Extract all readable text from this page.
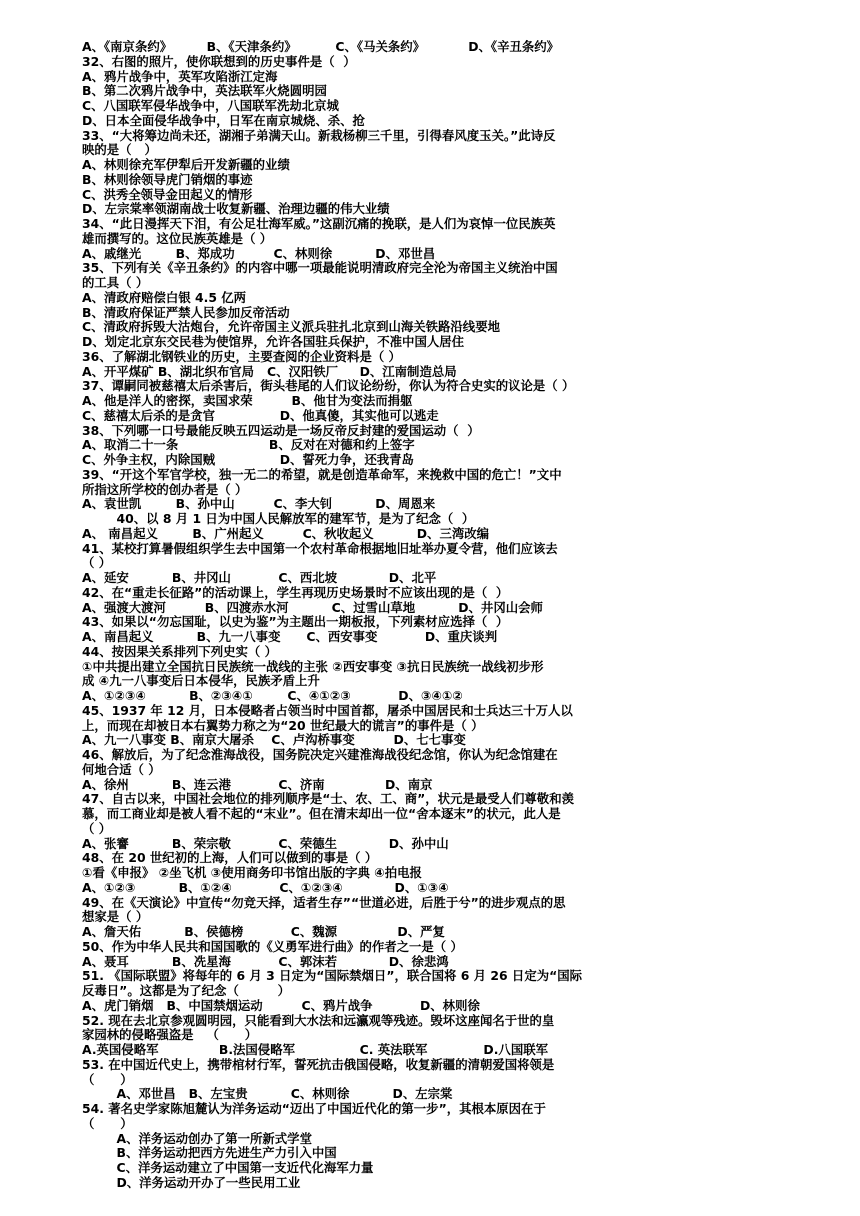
A、《南京条约》        B、《天津条约》         C、《马关条约》          D、《辛丑条约》
32、右图的照片，使你联想到的历史事件是（  ）
A、鸦片战争中，英军攻陷浙江定海
B、第二次鸦片战争中，英法联军火烧圆明园
C、八国联军侵华战争中，八国联军洗劫北京城
D、日本全面侵华战争中，日军在南京城烧、杀、抢
33、“大将筹边尚未还，湖湘子弟满天山。新栽杨柳三千里，引得春风度玉关。”此诗反
映的是（   ）
A、林则徐充军伊犁后开发新疆的业绩
B、林则徐领导虎门销烟的事迹
C、洪秀全领导金田起义的情形
D、左宗棠率领湖南战士收复新疆、治理边疆的伟大业绩
34、“此日漫挥天下泪，有公足壮海军威。”这副沉痛的挽联，是人们为哀悼一位民族英
雄而撰写的。这位民族英雄是（ ）
A、戚继光        B、郑成功         C、林则徐          D、邓世昌
35、下列有关《辛丑条约》的内容中哪一项最能说明清政府完全沦为帝国主义统治中国
的工具（ ）
A、清政府赔偿白银 4.5 亿两
B、清政府保证严禁人民参加反帝活动
C、清政府拆毁大沽炮台，允许帝国主义派兵驻扎北京到山海关铁路沿线要地
D、划定北京东交民巷为使馆界，允许各国驻兵保护，不准中国人居住
36、了解湖北钢铁业的历史，主要查阅的企业资料是（ ）
A、开平煤矿 B、湖北织布官局   C、汉阳铁厂     D、江南制造总局
37、谭嗣同被慈禧太后杀害后，街头巷尾的人们议论纷纷，你认为符合史实的议论是（ ）
A、他是洋人的密探，卖国求荣         B、他甘为变法而捐躯
C、慈禧太后杀的是贪官               D、他真傻，其实他可以逃走
38、下列哪一口号最能反映五四运动是一场反帝反封建的爱国运动（  ）
A、取消二十一条                     B、反对在对德和约上签字
C、外争主权，内除国贼               D、誓死力争，还我青岛
39、“开这个军官学校，独一无二的希望，就是创造革命军，来挽救中国的危亡！”文中
所指这所学校的创办者是（ ）
A、袁世凯        B、孙中山         C、李大钊          D、周恩来
40、以 8 月 1 日为中国人民解放军的建军节，是为了纪念（  ）
A、 南昌起义        B、广州起义         C、秋收起义          D、三湾改编
41、某校打算暑假组织学生去中国第一个农村革命根据地旧址举办夏令营，他们应该去
（ ）
A、延安          B、井冈山           C、西北坡            D、北平
42、在“重走长征路”的活动课上，学生再现历史场景时不应该出现的是（  ）
A、强渡大渡河         B、四渡赤水河          C、过雪山草地          D、井冈山会师
43、如果以“勿忘国耻，以史为鉴”为主题出一期板报，下列素材应选择（  ）
A、南昌起义          B、九一八事变      C、西安事变           D、重庆谈判
44、按因果关系排列下列史实（ ）
①中共提出建立全国抗日民族统一战线的主张 ②西安事变 ③抗日民族统一战线初步形
成 ④九一八事变后日本侵华，民族矛盾上升
A、①②③④          B、②③④①        C、④①②③           D、③④①②
45、1937 年 12 月，日本侵略者占领当时中国首都，屠杀中国居民和士兵达三十万人以
上，而现在却被日本右翼势力称之为“20 世纪最大的谎言”的事件是（ ）
A、九一八事变 B、南京大屠杀    C、卢沟桥事变         D、七七事变
46、解放后，为了纪念淮海战役，国务院决定兴建淮海战役纪念馆，你认为纪念馆建在
何地合适（ ）
A、徐州          B、连云港           C、济南              D、南京
47、自古以来，中国社会地位的排列顺序是“士、农、工、商”，状元是最受人们尊敬和羡
慕，而工商业却是被人看不起的“末业”。但在清末却出一位“舍本逐末”的状元，此人是
（ ）
A、张謇          B、荣宗敬           C、荣德生            D、孙中山
48、在 20 世纪初的上海，人们可以做到的事是（ ）
①看《申报》 ②坐飞机 ③使用商务印书馆出版的字典 ④拍电报
A、①②③          B、①②④           C、①②③④            D、①③④
49、在《天演论》中宣传“勿竞天择，适者生存”“世道必进，后胜于兮”的进步观点的思
想家是（ ）
A、詹天佑          B、侯德榜           C、魏源              D、严复
50、作为中华人民共和国国歌的《义勇军进行曲》的作者之一是（ ）
A、聂耳          B、冼星海           C、郭沫若            D、徐悲鸿
51. 《国际联盟》将每年的 6 月 3 日定为“国际禁烟日”，联合国将 6 月 26 日定为“国际
反毒日”。这都是为了纪念（         ）
A、虎门销烟   B、中国禁烟运动         C、鸦片战争           D、林则徐
52. 现在去北京参观圆明园，只能看到大水法和远瀛观等残迹。毁坏这座闻名于世的皇
家园林的侵略强盗是   （      ）
A.英国侵略军              B.法国侵略军               C. 英法联军             D.八国联军
53. 在中国近代史上，携带棺材行军，誓死抗击俄国侵略，收复新疆的清朝爱国将领是
（      ）
A、邓世昌   B、左宝贵          C、林则徐          D、左宗棠
54. 著名史学家陈旭麓认为洋务运动“迈出了中国近代化的第一步”，其根本原因在于
（      ）
A、洋务运动创办了第一所新式学堂
B、洋务运动把西方先进生产力引入中国
C、洋务运动建立了中国第一支近代化海军力量
D、洋务运动开办了一些民用工业
